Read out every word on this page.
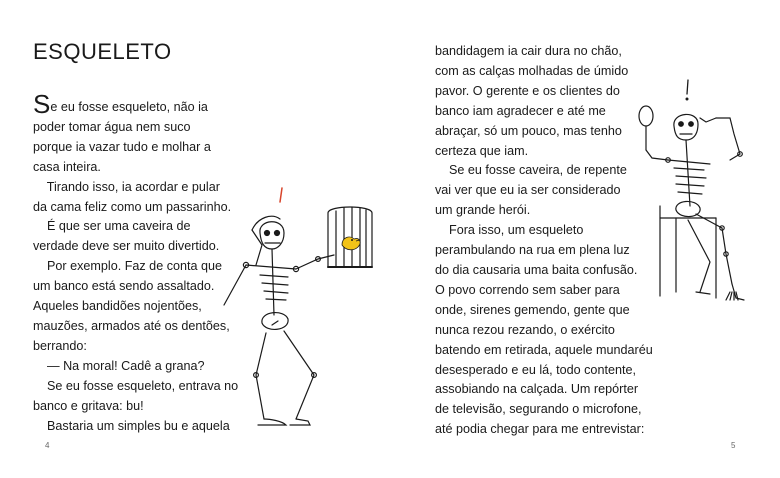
ESQUELETO

Se eu fosse esqueleto, não ia

poder tomar água nem suco

porque ia vazar tudo e molhar a

casa inteira.

Tirando isso, ia acordar e pular

da cama feliz como um passarinho.

É que ser uma caveira de

verdade deve ser muito divertido.

Por exemplo. Faz de conta que

um banco está sendo assaltado.

Aqueles bandidões nojentões,

mauzões, armados até os dentões,

berrando:

— Na moral! Cadê a grana?

Se eu fosse esqueleto, entrava no

banco e gritava: bu!

Bastaria um simples bu e aquela

4

bandidagem ia cair dura no chão,

com as calças molhadas de úmido

pavor. O gerente e os clientes do

banco iam agradecer e até me

abraçar, só um pouco, mas tenho

certeza que iam.

Se eu fosse caveira, de repente

vai ver que eu ia ser considerado

um grande herói.

Fora isso, um esqueleto

perambulando na rua em plena luz

do dia causaria uma baita confusão.

O povo correndo sem saber para

onde, sirenes gemendo, gente que

nunca rezou rezando, o exército

batendo em retirada, aquele mundaréu

desesperado e eu lá, todo contente,

assobiando na calçada. Um repórter

de televisão, segurando o microfone,

até podia chegar para me entrevistar:

5
